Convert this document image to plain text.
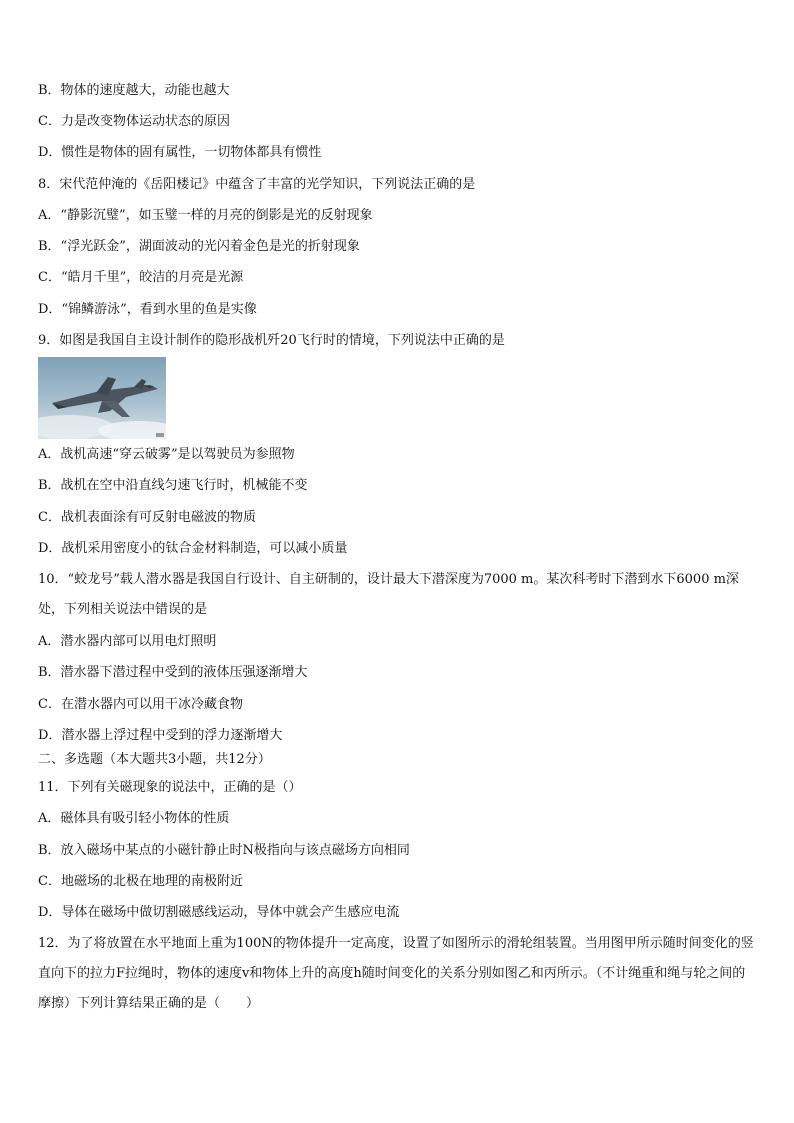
B．物体的速度越大，动能也越大
C．力是改变物体运动状态的原因
D．惯性是物体的固有属性，一切物体都具有惯性
8．宋代范仲淹的《岳阳楼记》中蕴含了丰富的光学知识，下列说法正确的是
A．“静影沉璧”，如玉璧一样的月亮的倒影是光的反射现象
B．“浮光跃金”，湖面波动的光闪着金色是光的折射现象
C．“皓月千里”，皎洁的月亮是光源
D．“锦鳞游泳”，看到水里的鱼是实像
9．如图是我国自主设计制作的隐形战机歼20飞行时的情境，下列说法中正确的是
A．战机高速“穿云破雾”是以驾驶员为参照物
B．战机在空中沿直线匀速飞行时，机械能不变
C．战机表面涂有可反射电磁波的物质
D．战机采用密度小的钛合金材料制造，可以减小质量
10．“蛟龙号”载人潜水器是我国自行设计、自主研制的，设计最大下潜深度为7000 m。某次科考时下潜到水下6000 m深处，下列相关说法中错误的是
A．潜水器内部可以用电灯照明
B．潜水器下潜过程中受到的液体压强逐渐增大
C．在潜水器内可以用干冰冷藏食物
D．潜水器上浮过程中受到的浮力逐渐增大
二、多选题（本大题共3小题，共12分）
11．下列有关磁现象的说法中，正确的是（）
A．磁体具有吸引轻小物体的性质
B．放入磁场中某点的小磁针静止时N极指向与该点磁场方向相同
C．地磁场的北极在地理的南极附近
D．导体在磁场中做切割磁感线运动，导体中就会产生感应电流
12．为了将放置在水平地面上重为100N的物体提升一定高度，设置了如图所示的滑轮组装置。当用图甲所示随时间变化的竖直向下的拉力F拉绳时，物体的速度v和物体上升的高度h随时间变化的关系分别如图乙和丙所示。（不计绳重和绳与轮之间的摩擦）下列计算结果正确的是（　　）
